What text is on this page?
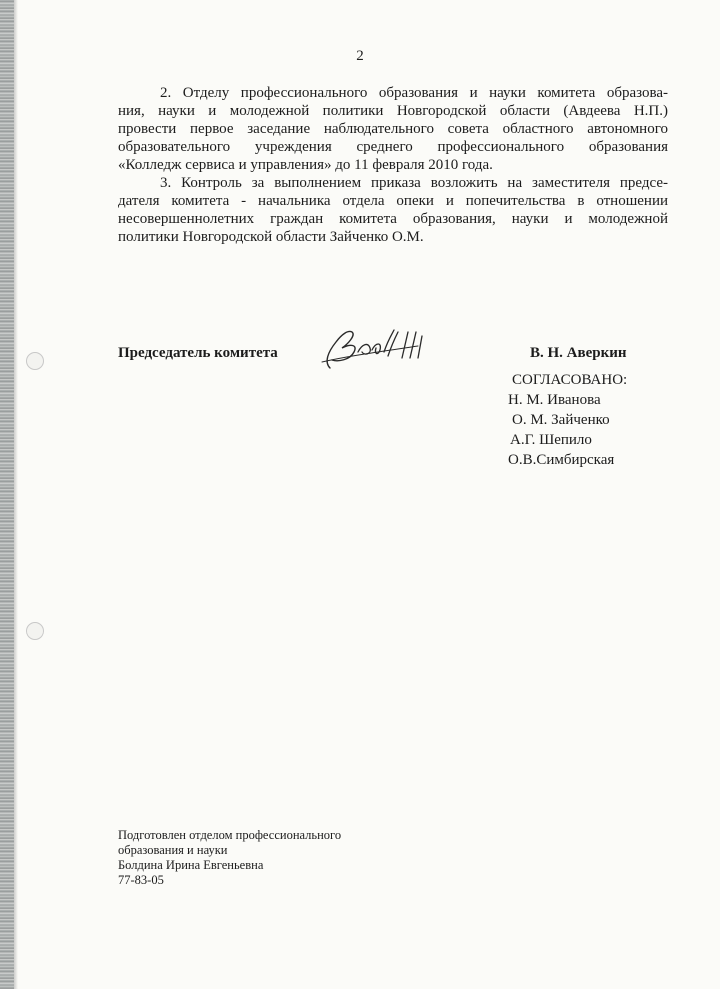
2
2. Отделу профессионального образования и науки комитета образова-
ния, науки и молодежной политики Новгородской области (Авдеева Н.П.)
провести первое заседание наблюдательного совета областного автономного
образовательного учреждения среднего профессионального образования
«Колледж сервиса и управления» до 11 февраля 2010 года.
3. Контроль за выполнением приказа возложить на заместителя предсе-
дателя комитета - начальника отдела опеки и попечительства в отношении
несовершеннолетних граждан комитета образования, науки и молодежной
политики Новгородской области Зайченко О.М.
Председатель комитета	В. Н. Аверкин
СОГЛАСОВАНО:
Н. М. Иванова
О. М. Зайченко
А.Г. Шепило
О.В.Симбирская
Подготовлен отделом профессионального
образования и науки
Болдина Ирина Евгеньевна
77-83-05
